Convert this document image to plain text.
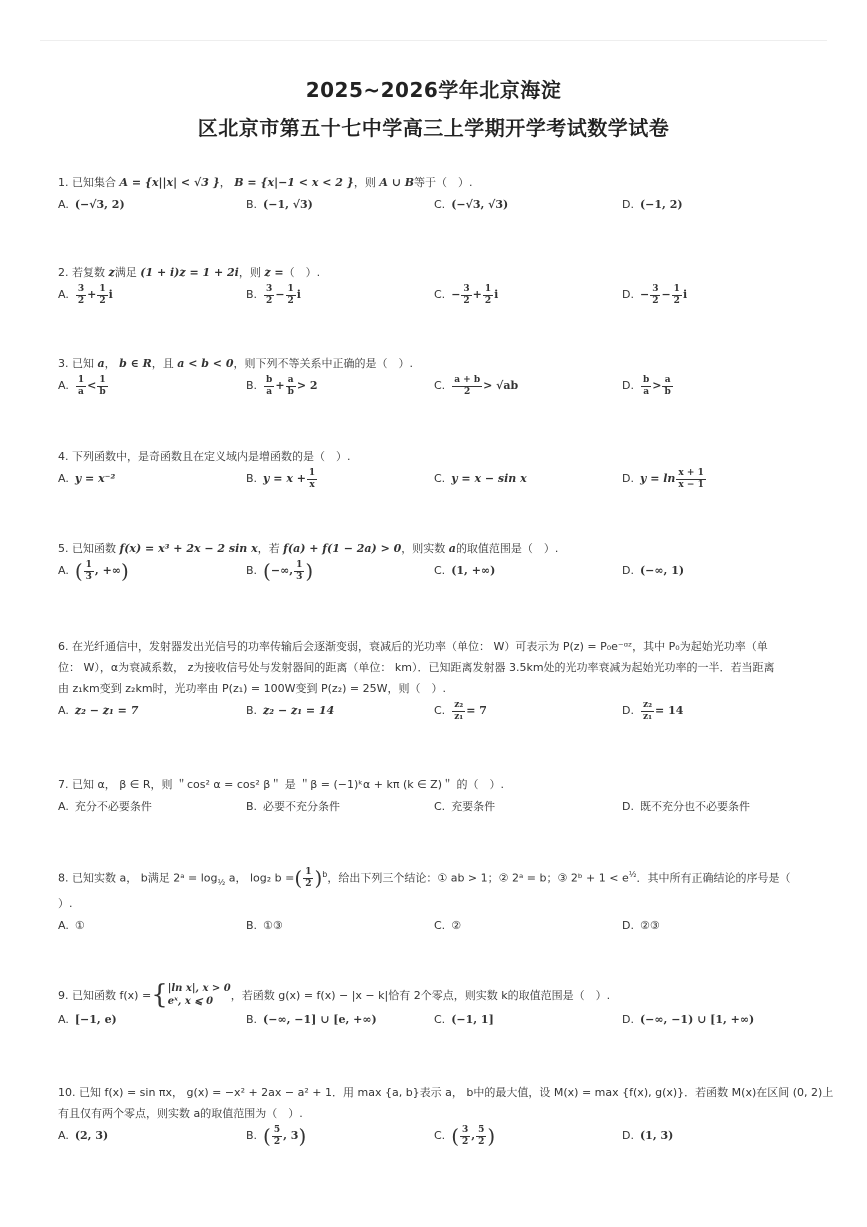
2025~2026学年北京海淀
区北京市第五十七中学高三上学期开学考试数学试卷
1. 已知集合 A = {x||x| < √3 }， B = {x|−1 < x < 2 }，则 A ∪ B等于（　）.
A. (−√3, 2)	B. (−1, √3)	C. (−√3, √3)	D. (−1, 2)
2. 若复数 z满足 (1 + i)z = 1 + 2i，则 z =（　）.
A. $\frac{3}{2} + \frac{1}{2}$ i	B. $\frac{3}{2} - \frac{1}{2}$ i	C. − $\frac{3}{2} + \frac{1}{2}$ i	D. − $\frac{3}{2} - \frac{1}{2}$ i
3. 已知 a， b ∈ R，且 a < b < 0，则下列不等关系中正确的是（　）.
A. $\frac{1}{a} < \frac{1}{b}$	B. $\frac{b}{a} + \frac{a}{b} > 2$	C. $\frac{a + b}{2} > √ab$	D. $\frac{b}{a} > \frac{a}{b}$
4. 下列函数中，是奇函数且在定义域内是增函数的是（　）.
A. y = x⁻²	B. $y = x + \frac{1}{x}$	C. y = x − sin x	D. $y = \ln \frac{x + 1}{x - 1}$
5. 已知函数 f(x) = x³ + 2x − 2 sin x，若 f(a) + f(1 − 2a) > 0，则实数 a的取值范围是（　）.
A. ( $\frac{1}{3}$ , +∞)	B. (−∞, $\frac{1}{3}$ )	C. (1, +∞)	D. (−∞, 1)
6. 在光纤通信中，发射器发出光信号的功率传输后会逐渐变弱，衰减后的光功率（单位： W）可表示为 P(z) = P₀e⁻ᵅᶻ，其中 P₀为起始光功率（单
位： W），α为衰减系数， z为接收信号处与发射器间的距离（单位： km）．已知距离发射器 3.5km处的光功率衰减为起始光功率的一半．若当距离
由 z₁km变到 z₂km时，光功率由 P(z₁) = 100W变到 P(z₂) = 25W，则（　）.
A. z₂ − z₁ = 7	B. z₂ − z₁ = 14	C. $\frac{\text{z₂}}{\text{z₁}} = 7$	D. $\frac{\text{z₂}}{\text{z₁}} = 14$
7. 已知 α， β ∈ R，则 ＂cos² α = cos² β＂ 是 ＂β = (−1)ᵏα + kπ (k ∈ Z)＂ 的（　）.
A. 充分不必要条件	B. 必要不充分条件	C. 充要条件	D. 既不充分也不必要条件
8. 已知实数 a， b满足 2ᵃ = $\log_{\frac{1}{2}} a$， log₂ b =( $\frac{1}{2} )^b$，给出下列三个结论：① ab > 1；② 2ᵃ = b；③ 2ᵇ + $1 < e^{\frac{1}{2}}$．其中所有正确结论的序号是（
）.
A. ①	B. ①③	C. ②	D. ②③
9.
已知函数 f(x) = { |ln x|, x > 0
eˣ, x ⩽ 0	，若函数 g(x) = f(x) − |x − k|恰有 2个零点，则实数 k的取值范围是（　）.
A. [−1, e)	B. (−∞, −1] ∪ [e, +∞)	C. (−1, 1]	D. (−∞, −1) ∪ [1, +∞)
10. 已知 f(x) = sin πx， g(x) = −x² + 2ax − a² + 1．用 max {a, b}表示 a， b中的最大值，设 M(x) = max {f(x), g(x)}．若函数 M(x)在区间 (0, 2)上
有且仅有两个零点，则实数 a的取值范围为（　）.
A. (2, 3)	B. ( $\frac{5}{2}$ , 3)	C. ( $\frac{3}{2}$ , $\frac{5}{2}$ )	D. (1, 3)
